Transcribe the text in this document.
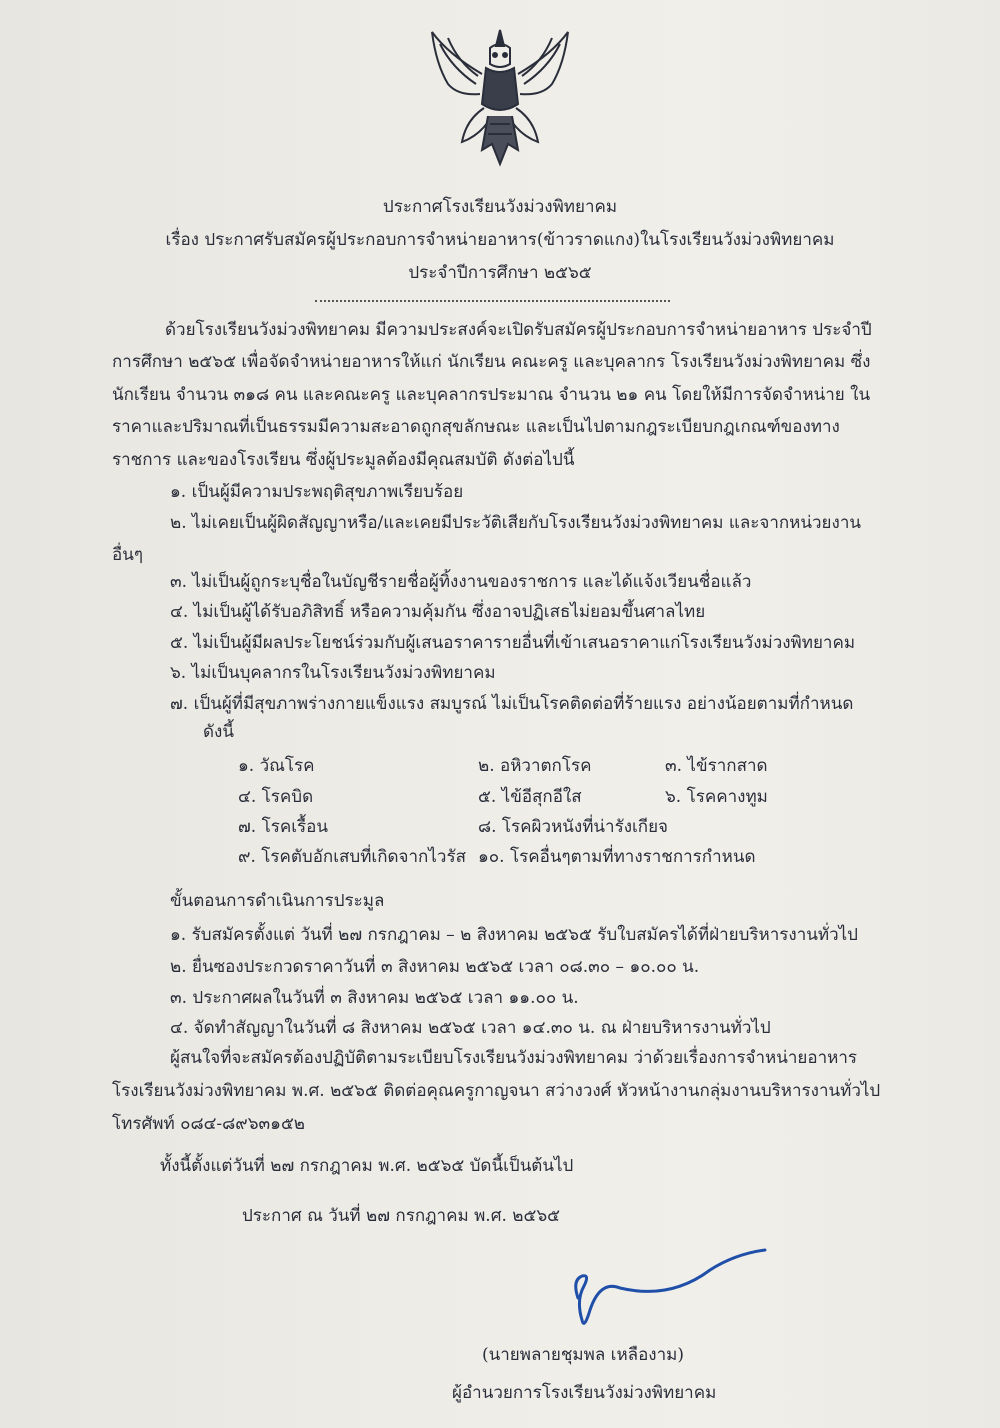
ประกาศโรงเรียนวังม่วงพิทยาคม
เรื่อง ประกาศรับสมัครผู้ประกอบการจำหน่ายอาหาร(ข้าวราดแกง)ในโรงเรียนวังม่วงพิทยาคม
ประจำปีการศึกษา ๒๕๖๕
ด้วยโรงเรียนวังม่วงพิทยาคม มีความประสงค์จะเปิดรับสมัครผู้ประกอบการจำหน่ายอาหาร ประจำปี
การศึกษา ๒๕๖๕ เพื่อจัดจำหน่ายอาหารให้แก่ นักเรียน คณะครู และบุคลากร โรงเรียนวังม่วงพิทยาคม ซึ่ง
นักเรียน จำนวน ๓๑๘ คน และคณะครู และบุคลากรประมาณ จำนวน ๒๑ คน โดยให้มีการจัดจำหน่าย ใน
ราคาและปริมาณที่เป็นธรรมมีความสะอาดถูกสุขลักษณะ และเป็นไปตามกฎระเบียบกฎเกณฑ์ของทาง
ราชการ และของโรงเรียน ซึ่งผู้ประมูลต้องมีคุณสมบัติ ดังต่อไปนี้
๑. เป็นผู้มีความประพฤติสุขภาพเรียบร้อย
๒. ไม่เคยเป็นผู้ผิดสัญญาหรือ/และเคยมีประวัติเสียกับโรงเรียนวังม่วงพิทยาคม และจากหน่วยงาน
อื่นๆ
๓. ไม่เป็นผู้ถูกระบุชื่อในบัญชีรายชื่อผู้ทิ้งงานของราชการ และได้แจ้งเวียนชื่อแล้ว
๔. ไม่เป็นผู้ได้รับอภิสิทธิ์ หรือความคุ้มกัน ซึ่งอาจปฏิเสธไม่ยอมขึ้นศาลไทย
๕. ไม่เป็นผู้มีผลประโยชน์ร่วมกับผู้เสนอราคารายอื่นที่เข้าเสนอราคาแก่โรงเรียนวังม่วงพิทยาคม
๖. ไม่เป็นบุคลากรในโรงเรียนวังม่วงพิทยาคม
๗. เป็นผู้ที่มีสุขภาพร่างกายแข็งแรง สมบูรณ์ ไม่เป็นโรคติดต่อที่ร้ายแรง อย่างน้อยตามที่กำหนด
ดังนี้
๑. วัณโรค	๒. อหิวาตกโรค	๓. ไข้รากสาด
๔. โรคบิด	๕. ไข้อีสุกอีใส	๖. โรคคางทูม
๗. โรคเรื้อน	๘. โรคผิวหนังที่น่ารังเกียจ
๙. โรคตับอักเสบที่เกิดจากไวรัส ๑๐. โรคอื่นๆตามที่ทางราชการกำหนด
ขั้นตอนการดำเนินการประมูล
๑. รับสมัครตั้งแต่ วันที่ ๒๗ กรกฎาคม – ๒ สิงหาคม ๒๕๖๕ รับใบสมัครได้ที่ฝ่ายบริหารงานทั่วไป
๒. ยื่นซองประกวดราคาวันที่ ๓ สิงหาคม ๒๕๖๕ เวลา ๐๘.๓๐ – ๑๐.๐๐ น.
๓. ประกาศผลในวันที่ ๓ สิงหาคม ๒๕๖๕ เวลา ๑๑.๐๐ น.
๔. จัดทำสัญญาในวันที่ ๘ สิงหาคม ๒๕๖๕ เวลา ๑๔.๓๐ น. ณ ฝ่ายบริหารงานทั่วไป
ผู้สนใจที่จะสมัครต้องปฏิบัติตามระเบียบโรงเรียนวังม่วงพิทยาคม ว่าด้วยเรื่องการจำหน่ายอาหาร
โรงเรียนวังม่วงพิทยาคม พ.ศ. ๒๕๖๕ ติดต่อคุณครูกาญจนา สว่างวงศ์ หัวหน้างานกลุ่มงานบริหารงานทั่วไป
โทรศัพท์ ๐๘๔-๘๙๖๓๑๕๒
ทั้งนี้ตั้งแต่วันที่ ๒๗ กรกฎาคม พ.ศ. ๒๕๖๕ บัดนี้เป็นต้นไป
ประกาศ ณ วันที่ ๒๗ กรกฎาคม พ.ศ. ๒๕๖๕
(นายพลายชุมพล เหลืองาม)
ผู้อำนวยการโรงเรียนวังม่วงพิทยาคม
